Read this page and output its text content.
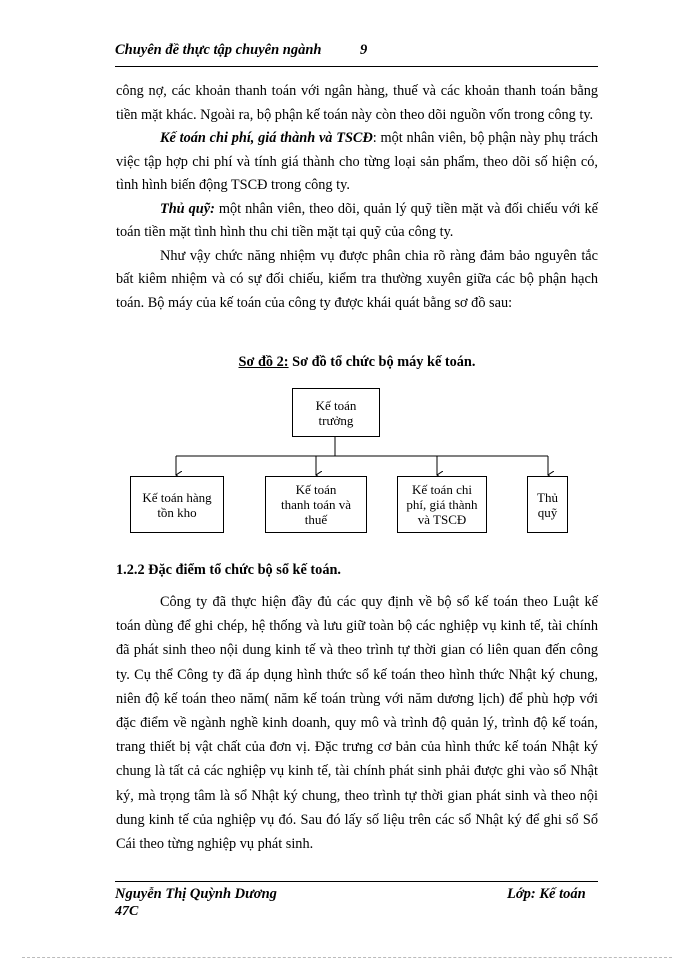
Chuyên đề thực tập chuyên ngành	9

công nợ, các khoản thanh toán với ngân hàng, thuế và các khoản thanh toán bằng tiền mặt khác. Ngoài ra, bộ phận kế toán này còn theo dõi nguồn vốn trong công ty.

Kế toán chi phí, giá thành và TSCĐ: một nhân viên, bộ phận này phụ trách việc tập hợp chi phí và tính giá thành cho từng loại sản phẩm, theo dõi số hiện có, tình hình biến động TSCĐ trong công ty.

Thủ quỹ: một nhân viên, theo dõi, quản lý quỹ tiền mặt và đối chiếu với kế toán tiền mặt tình hình thu chi tiền mặt tại quỹ của công ty.

Như vậy chức năng nhiệm vụ được phân chia rõ ràng đảm bảo nguyên tắc bất kiêm nhiệm và có sự đối chiếu, kiểm tra thường xuyên giữa các bộ phận hạch toán. Bộ máy của kế toán của công ty được khái quát bằng sơ đồ sau:

Sơ đồ 2: Sơ đồ tổ chức bộ máy kế toán.
Kế toán
trưởng
Kế toán hàng
tồn kho
Kế toán
thanh toán và
thuế
Kế toán chi
phí, giá thành
và TSCĐ
Thủ
quỹ
1.2.2 Đặc điểm tổ chức bộ sổ kế toán.

Công ty đã thực hiện đầy đủ các quy định về bộ sổ kế toán theo Luật kế toán dùng để ghi chép, hệ thống và lưu giữ toàn bộ các nghiệp vụ kinh tế, tài chính đã phát sinh theo nội dung kinh tế và theo trình tự thời gian có liên quan đến công ty. Cụ thể Công ty đã áp dụng hình thức sổ kế toán theo hình thức Nhật ký chung, niên độ kế toán theo năm( năm kế toán trùng với năm dương lịch) để phù hợp với đặc điểm về ngành nghề kinh doanh, quy mô và trình độ quản lý, trình độ kế toán, trang thiết bị vật chất của đơn vị. Đặc trưng cơ bản của hình thức kế toán Nhật ký chung là tất cả các nghiệp vụ kinh tế, tài chính phát sinh phải được ghi vào sổ Nhật ký, mà trọng tâm là sổ Nhật ký chung, theo trình tự thời gian phát sinh và theo nội dung kinh tế của nghiệp vụ đó. Sau đó lấy số liệu trên các sổ Nhật ký để ghi sổ Sổ Cái theo từng nghiệp vụ phát sinh.

Nguyễn Thị Quỳnh Dương	Lớp: Kế toán
47C
